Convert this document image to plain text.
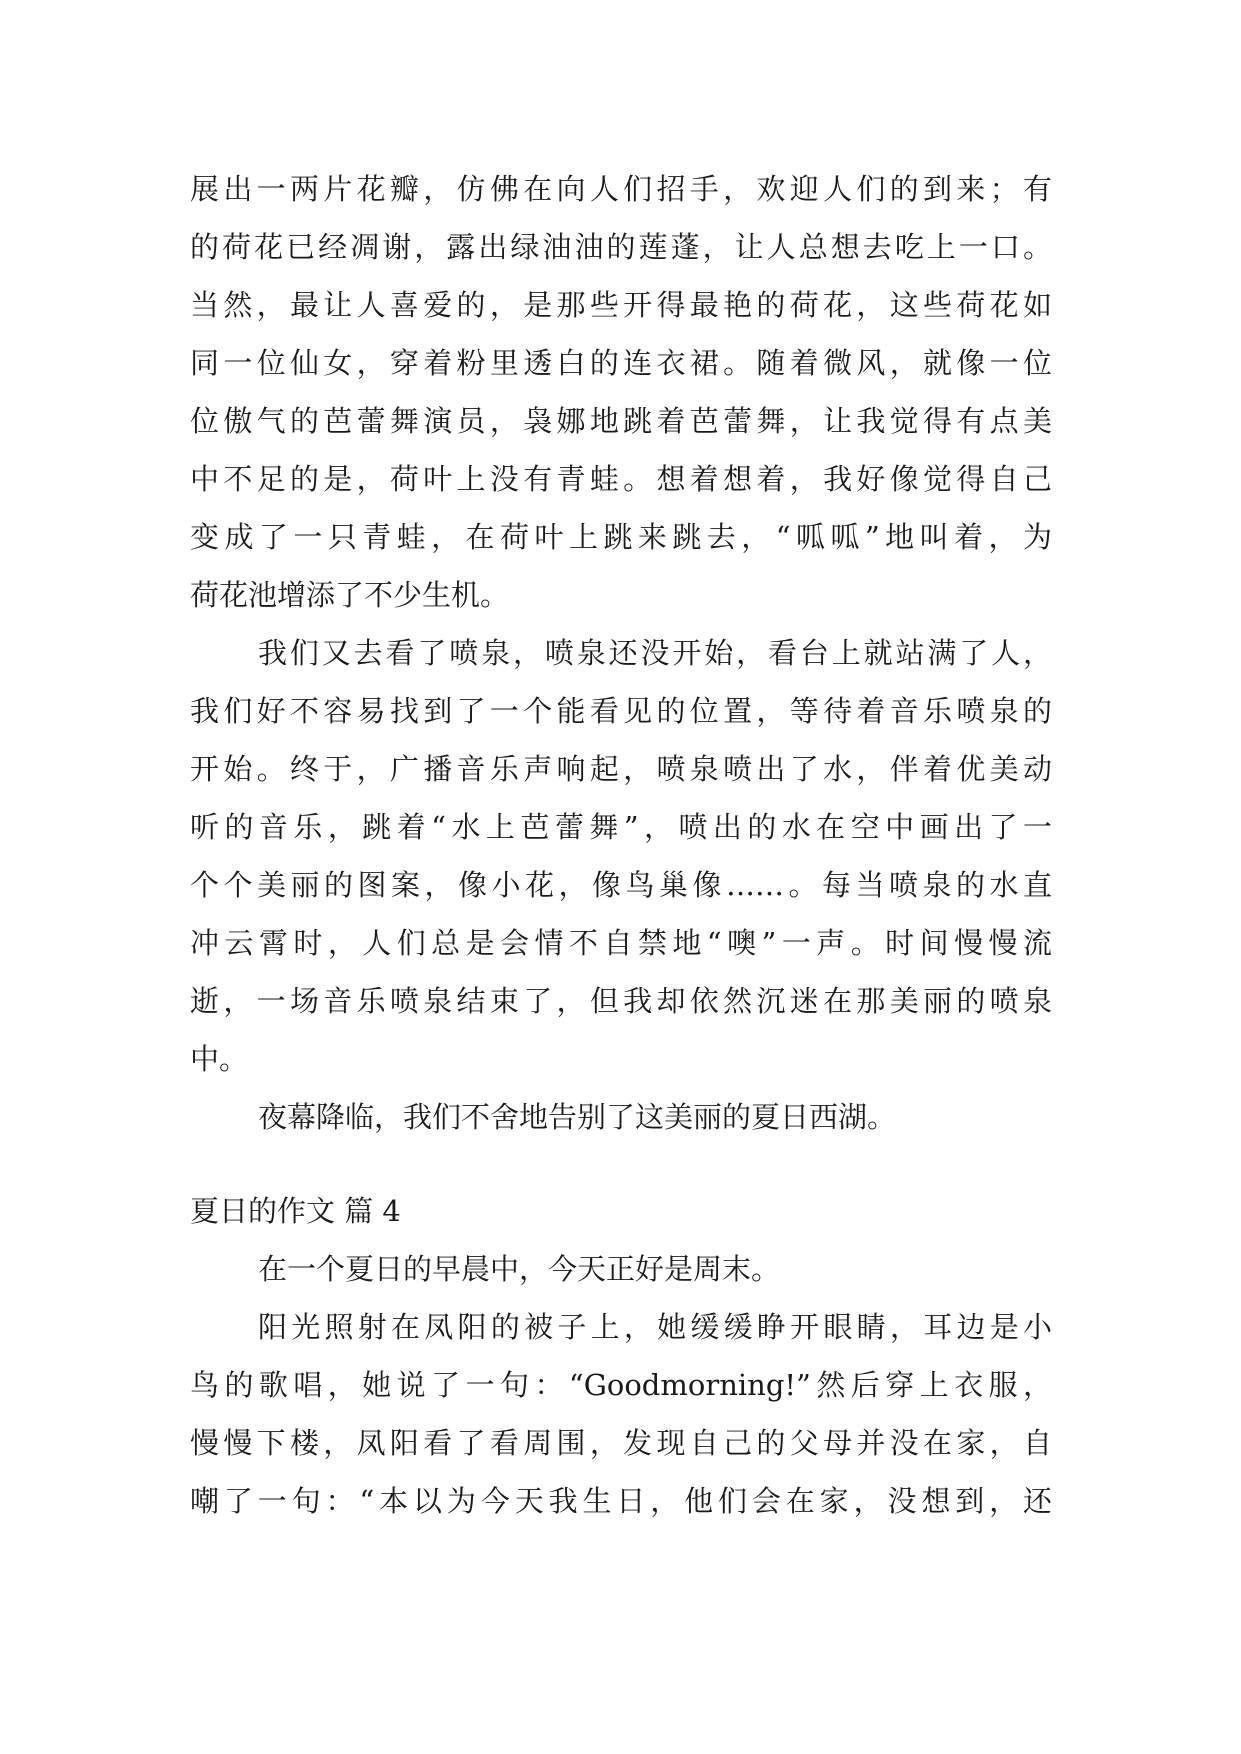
展出一两片花瓣，仿佛在向人们招手，欢迎人们的到来；有
的荷花已经凋谢，露出绿油油的莲蓬，让人总想去吃上一口。
当然，最让人喜爱的，是那些开得最艳的荷花，这些荷花如
同一位仙女，穿着粉里透白的连衣裙。随着微风，就像一位
位傲气的芭蕾舞演员，袅娜地跳着芭蕾舞，让我觉得有点美
中不足的是，荷叶上没有青蛙。想着想着，我好像觉得自己
变成了一只青蛙，在荷叶上跳来跳去，“呱呱”地叫着，为
荷花池增添了不少生机。
我们又去看了喷泉，喷泉还没开始，看台上就站满了人，
我们好不容易找到了一个能看见的位置，等待着音乐喷泉的
开始。终于，广播音乐声响起，喷泉喷出了水，伴着优美动
听的音乐，跳着“水上芭蕾舞”，喷出的水在空中画出了一
个个美丽的图案，像小花，像鸟巢像……。每当喷泉的水直
冲云霄时，人们总是会情不自禁地“噢”一声。时间慢慢流
逝，一场音乐喷泉结束了，但我却依然沉迷在那美丽的喷泉
中。
夜幕降临，我们不舍地告别了这美丽的夏日西湖。
夏日的作文 篇 4
在一个夏日的早晨中，今天正好是周末。
阳光照射在凤阳的被子上，她缓缓睁开眼睛，耳边是小
鸟的歌唱，她说了一句：“Goodmorning!”然后穿上衣服，
慢慢下楼，凤阳看了看周围，发现自己的父母并没在家，自
嘲了一句：“本以为今天我生日，他们会在家，没想到，还
